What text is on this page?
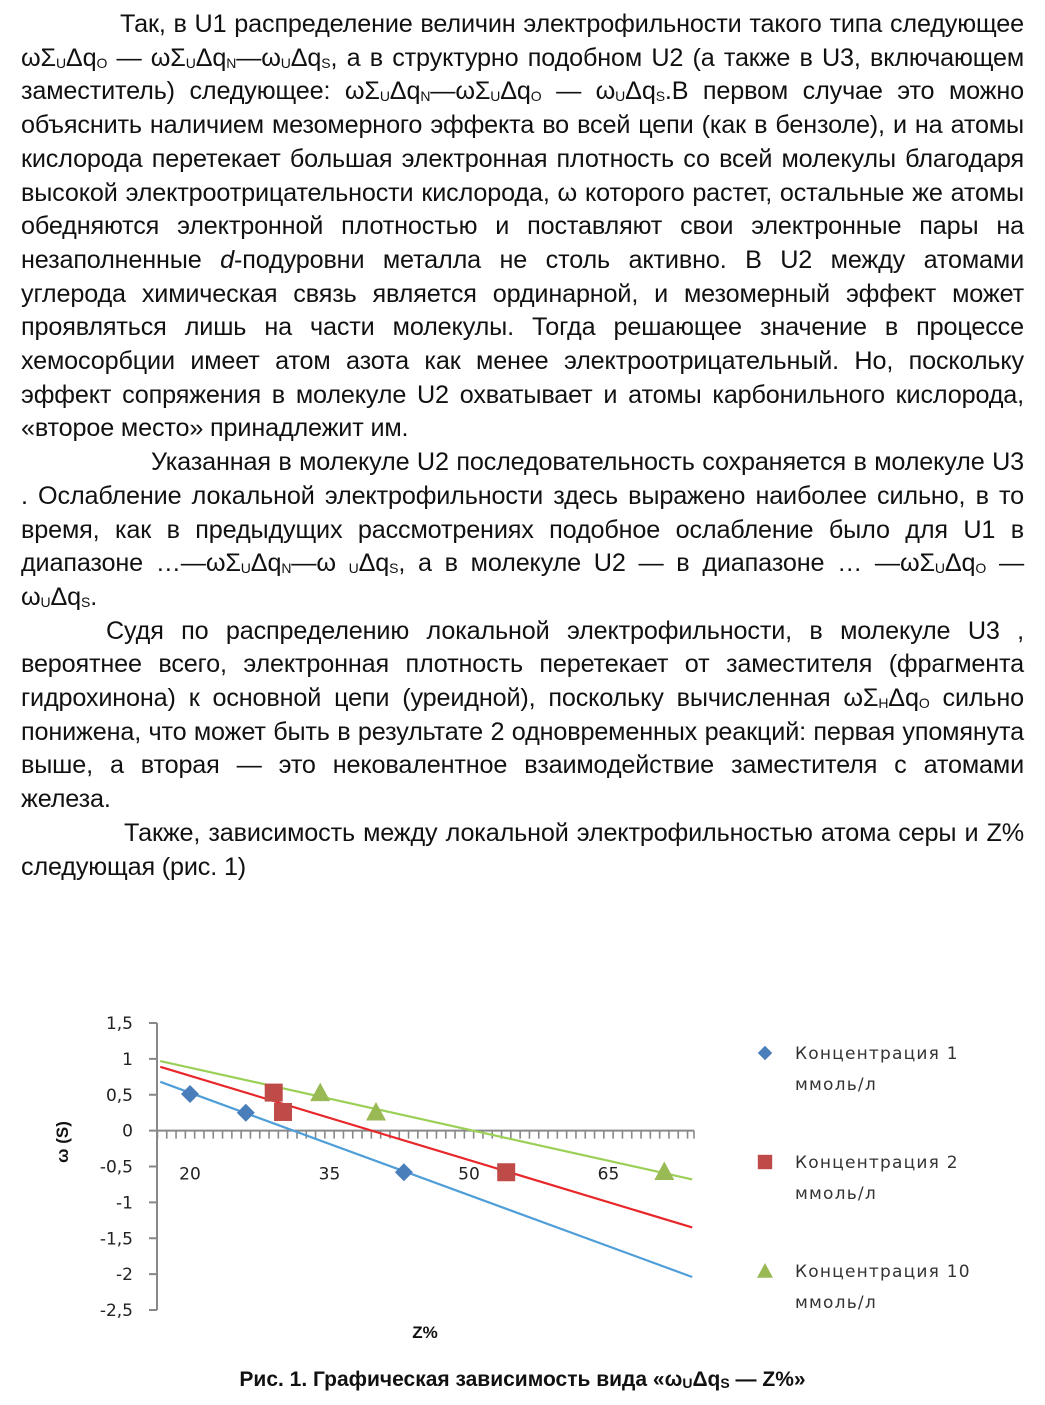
Так, в U1 распределение величин электрофильности такого типа следующее $\omega\Sigma_U\Delta q_O$ — $\omega\Sigma_U\Delta q_N—\omega_U\Delta q_S$, а в структурно подобном U2 (а также в U3, включающем заместитель) следующее: $\omega\Sigma_U\Delta q_N—\omega\Sigma_U\Delta q_O$ — $\omega_U\Delta q_S.В$ первом случае это можно объяснить наличием мезомерного эффекта во всей цепи (как в бензоле), и на атомы кислорода перетекает большая электронная плотность со всей молекулы благодаря высокой электроотрицательности кислорода, ω которого растет, остальные же атомы обедняются электронной плотностью и поставляют свои электронные пары на незаполненные d-подуровни металла не столь активно. В U2 между атомами углерода химическая связь является ординарной, и мезомерный эффект может проявляться лишь на части молекулы. Тогда решающее значение в процессе хемосорбции имеет атом азота как менее электроотрицательный. Но, поскольку эффект сопряжения в молекуле U2 охватывает и атомы карбонильного кислорода, «второе место» принадлежит им.

Указанная в молекуле U2 последовательность сохраняется в молекуле U3 . Ослабление локальной электрофильности здесь выражено наиболее сильно, в то время, как в предыдущих рассмотрениях подобное ослабление было для U1 в диапазоне $\dots—\omega\Sigma_U\Delta q_N—\omega$ $_U\Delta q_S$, а в молекуле U2 — в диапазоне … $—\omega\Sigma_U\Delta q_O$ $—\omega_U\Delta q_S$.

Судя по распределению локальной электрофильности, в молекуле U3 , вероятнее всего, электронная плотность перетекает от заместителя (фрагмента гидрохинона) к основной цепи (уреидной), поскольку вычисленная $\omega\Sigma_H\Delta q_O$ сильно понижена, что может быть в результате 2 одновременных реакций: первая упомянута выше, а вторая — это нековалентное взаимодействие заместителя с атомами железа.

Также, зависимость между локальной электрофильностью атома серы и Z% следующая (рис. 1)

1,5
1
0,5
0
-0,5
-1
-1,5
-2
-2,5
20	35	50	65
Концентрация 1
ммоль/л
Концентрация 2
ммоль/л
Концентрация 10
ммоль/л
ω (S)
Z%
Рис. 1. Графическая зависимость вида «$\omega_U\Delta q_S$ — Z%»
